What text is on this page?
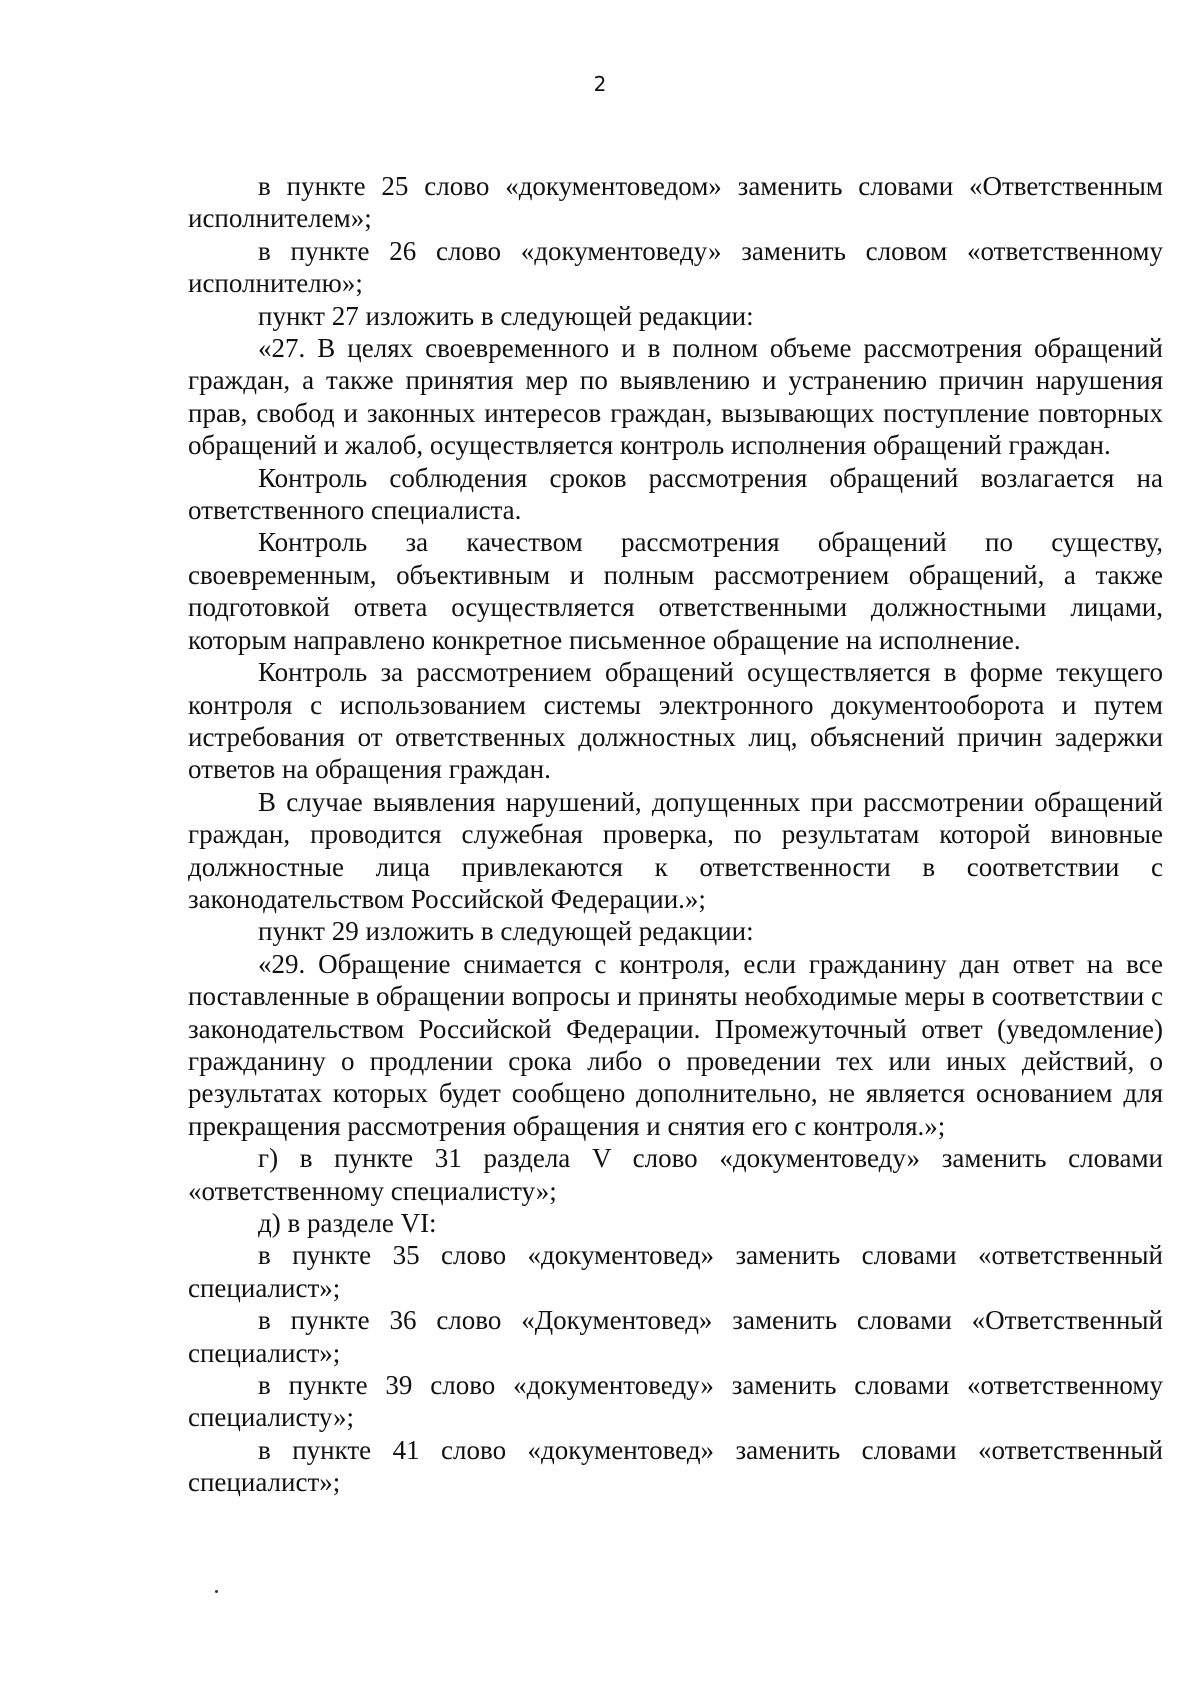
2

в пункте 25 слово «документоведом» заменить словами «Ответственным исполнителем»;

в пункте 26 слово «документоведу» заменить словом «ответственному исполнителю»;

пункт 27 изложить в следующей редакции:

«27. В целях своевременного и в полном объеме рассмотрения обращений граждан, а также принятия мер по выявлению и устранению причин нарушения прав, свобод и законных интересов граждан, вызывающих поступление повторных обращений и жалоб, осуществляется контроль исполнения обращений граждан.

Контроль соблюдения сроков рассмотрения обращений возлагается на ответственного специалиста.

Контроль за качеством рассмотрения обращений по существу, своевременным, объективным и полным рассмотрением обращений, а также подготовкой ответа осуществляется ответственными должностными лицами, которым направлено конкретное письменное обращение на исполнение.

Контроль за рассмотрением обращений осуществляется в форме текущего контроля с использованием системы электронного документооборота и путем истребования от ответственных должностных лиц, объяснений причин задержки ответов на обращения граждан.

В случае выявления нарушений, допущенных при рассмотрении обращений граждан, проводится служебная проверка, по результатам которой виновные должностные лица привлекаются к ответственности в соответствии с законодательством Российской Федерации.»;

пункт 29 изложить в следующей редакции:

«29. Обращение снимается с контроля, если гражданину дан ответ на все поставленные в обращении вопросы и приняты необходимые меры в соответствии с законодательством Российской Федерации. Промежуточный ответ (уведомление) гражданину о продлении срока либо о проведении тех или иных действий, о результатах которых будет сообщено дополнительно, не является основанием для прекращения рассмотрения обращения и снятия его с контроля.»;

г) в пункте 31 раздела V слово «документоведу» заменить словами «ответственному специалисту»;

д) в разделе VI:

в пункте 35 слово «документовед» заменить словами «ответственный специалист»;

в пункте 36 слово «Документовед» заменить словами «Ответственный специалист»;

в пункте 39 слово «документоведу» заменить словами «ответственному специалисту»;

в пункте 41 слово «документовед» заменить словами «ответственный специалист»;
